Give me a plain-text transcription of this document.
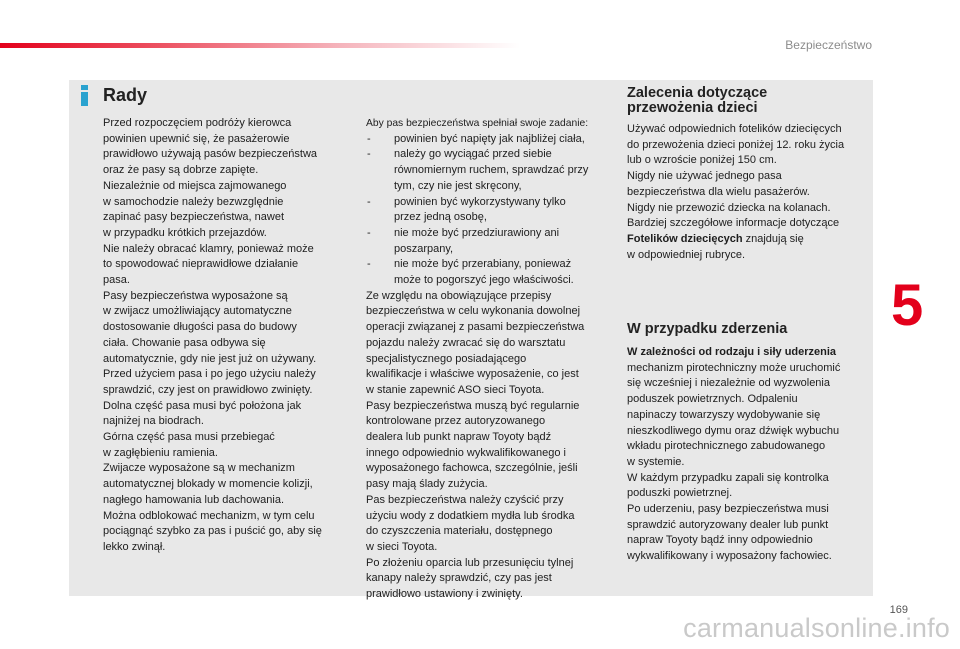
Bezpieczeństwo
Rady

Przed rozpoczęciem podróży kierowca
powinien upewnić się, że pasażerowie
prawidłowo używają pasów bezpieczeństwa
oraz że pasy są dobrze zapięte.
Niezależnie od miejsca zajmowanego
w samochodzie należy bezwzględnie
zapinać pasy bezpieczeństwa, nawet
w przypadku krótkich przejazdów.
Nie należy obracać klamry, ponieważ może
to spowodować nieprawidłowe działanie
pasa.
Pasy bezpieczeństwa wyposażone są
w zwijacz umożliwiający automatyczne
dostosowanie długości pasa do budowy
ciała. Chowanie pasa odbywa się
automatycznie, gdy nie jest już on używany.
Przed użyciem pasa i po jego użyciu należy
sprawdzić, czy jest on prawidłowo zwinięty.
Dolna część pasa musi być położona jak
najniżej na biodrach.
Górna część pasa musi przebiegać
w zagłębieniu ramienia.
Zwijacze wyposażone są w mechanizm
automatycznej blokady w momencie kolizji,
nagłego hamowania lub dachowania.
Można odblokować mechanizm, w tym celu
pociągnąć szybko za pas i puścić go, aby się
lekko zwinął.

Aby pas bezpieczeństwa spełniał swoje zadanie:

- powinien być napięty jak najbliżej ciała,
- należy go wyciągać przed siebie
równomiernym ruchem, sprawdzać przy
tym, czy nie jest skręcony,
- powinien być wykorzystywany tylko
przez jedną osobę,
- nie może być przedziurawiony ani
poszarpany,
- nie może być przerabiany, ponieważ
może to pogorszyć jego właściwości.

Ze względu na obowiązujące przepisy
bezpieczeństwa w celu wykonania dowolnej
operacji związanej z pasami bezpieczeństwa
pojazdu należy zwracać się do warsztatu
specjalistycznego posiadającego
kwalifikacje i właściwe wyposażenie, co jest
w stanie zapewnić ASO sieci Toyota.
Pasy bezpieczeństwa muszą być regularnie
kontrolowane przez autoryzowanego
dealera lub punkt napraw Toyoty bądź
innego odpowiednio wykwalifikowanego i
wyposażonego fachowca, szczególnie, jeśli
pasy mają ślady zużycia.
Pas bezpieczeństwa należy czyścić przy
użyciu wody z dodatkiem mydła lub środka
do czyszczenia materiału, dostępnego
w sieci Toyota.
Po złożeniu oparcia lub przesunięciu tylnej
kanapy należy sprawdzić, czy pas jest
prawidłowo ustawiony i zwinięty.

Zalecenia dotyczące
przewożenia dzieci

Używać odpowiednich fotelików dziecięcych
do przewożenia dzieci poniżej 12. roku życia
lub o wzroście poniżej 150 cm.
Nigdy nie używać jednego pasa
bezpieczeństwa dla wielu pasażerów.
Nigdy nie przewozić dziecka na kolanach.
Bardziej szczegółowe informacje dotyczące
Fotelików dziecięcych znajdują się
w odpowiedniej rubryce.

W przypadku zderzenia

W zależności od rodzaju i siły uderzenia
mechanizm pirotechniczny może uruchomić
się wcześniej i niezależnie od wyzwolenia
poduszek powietrznych. Odpaleniu
napinaczy towarzyszy wydobywanie się
nieszkodliwego dymu oraz dźwięk wybuchu
wkładu pirotechnicznego zabudowanego
w systemie.
W każdym przypadku zapali się kontrolka
poduszki powietrznej.
Po uderzeniu, pasy bezpieczeństwa musi
sprawdzić autoryzowany dealer lub punkt
napraw Toyoty bądź inny odpowiednio
wykwalifikowany i wyposażony fachowiec.

5
169
carmanualsonline.info
